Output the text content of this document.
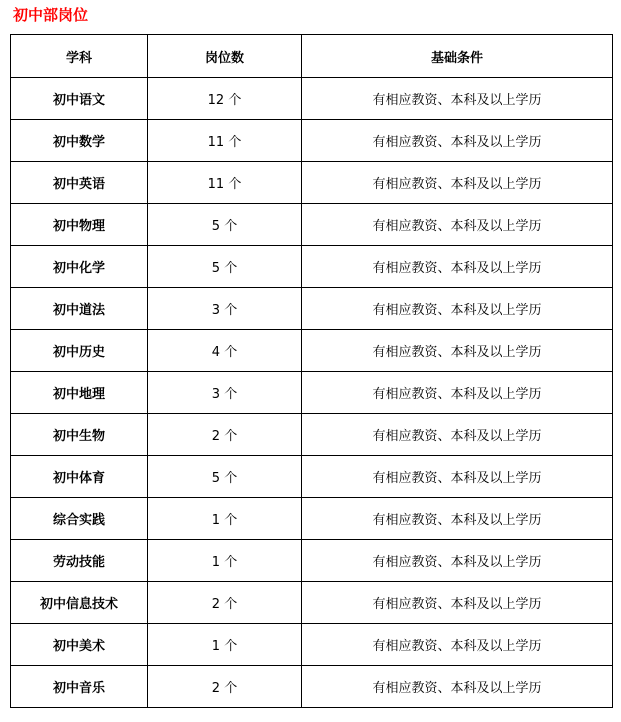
初中部岗位
学科	岗位数	基础条件
初中语文	12 个	有相应教资、本科及以上学历
初中数学	11 个	有相应教资、本科及以上学历
初中英语	11 个	有相应教资、本科及以上学历
初中物理	5 个	有相应教资、本科及以上学历
初中化学	5 个	有相应教资、本科及以上学历
初中道法	3 个	有相应教资、本科及以上学历
初中历史	4 个	有相应教资、本科及以上学历
初中地理	3 个	有相应教资、本科及以上学历
初中生物	2 个	有相应教资、本科及以上学历
初中体育	5 个	有相应教资、本科及以上学历
综合实践	1 个	有相应教资、本科及以上学历
劳动技能	1 个	有相应教资、本科及以上学历
初中信息技术	2 个	有相应教资、本科及以上学历
初中美术	1 个	有相应教资、本科及以上学历
初中音乐	2 个	有相应教资、本科及以上学历
